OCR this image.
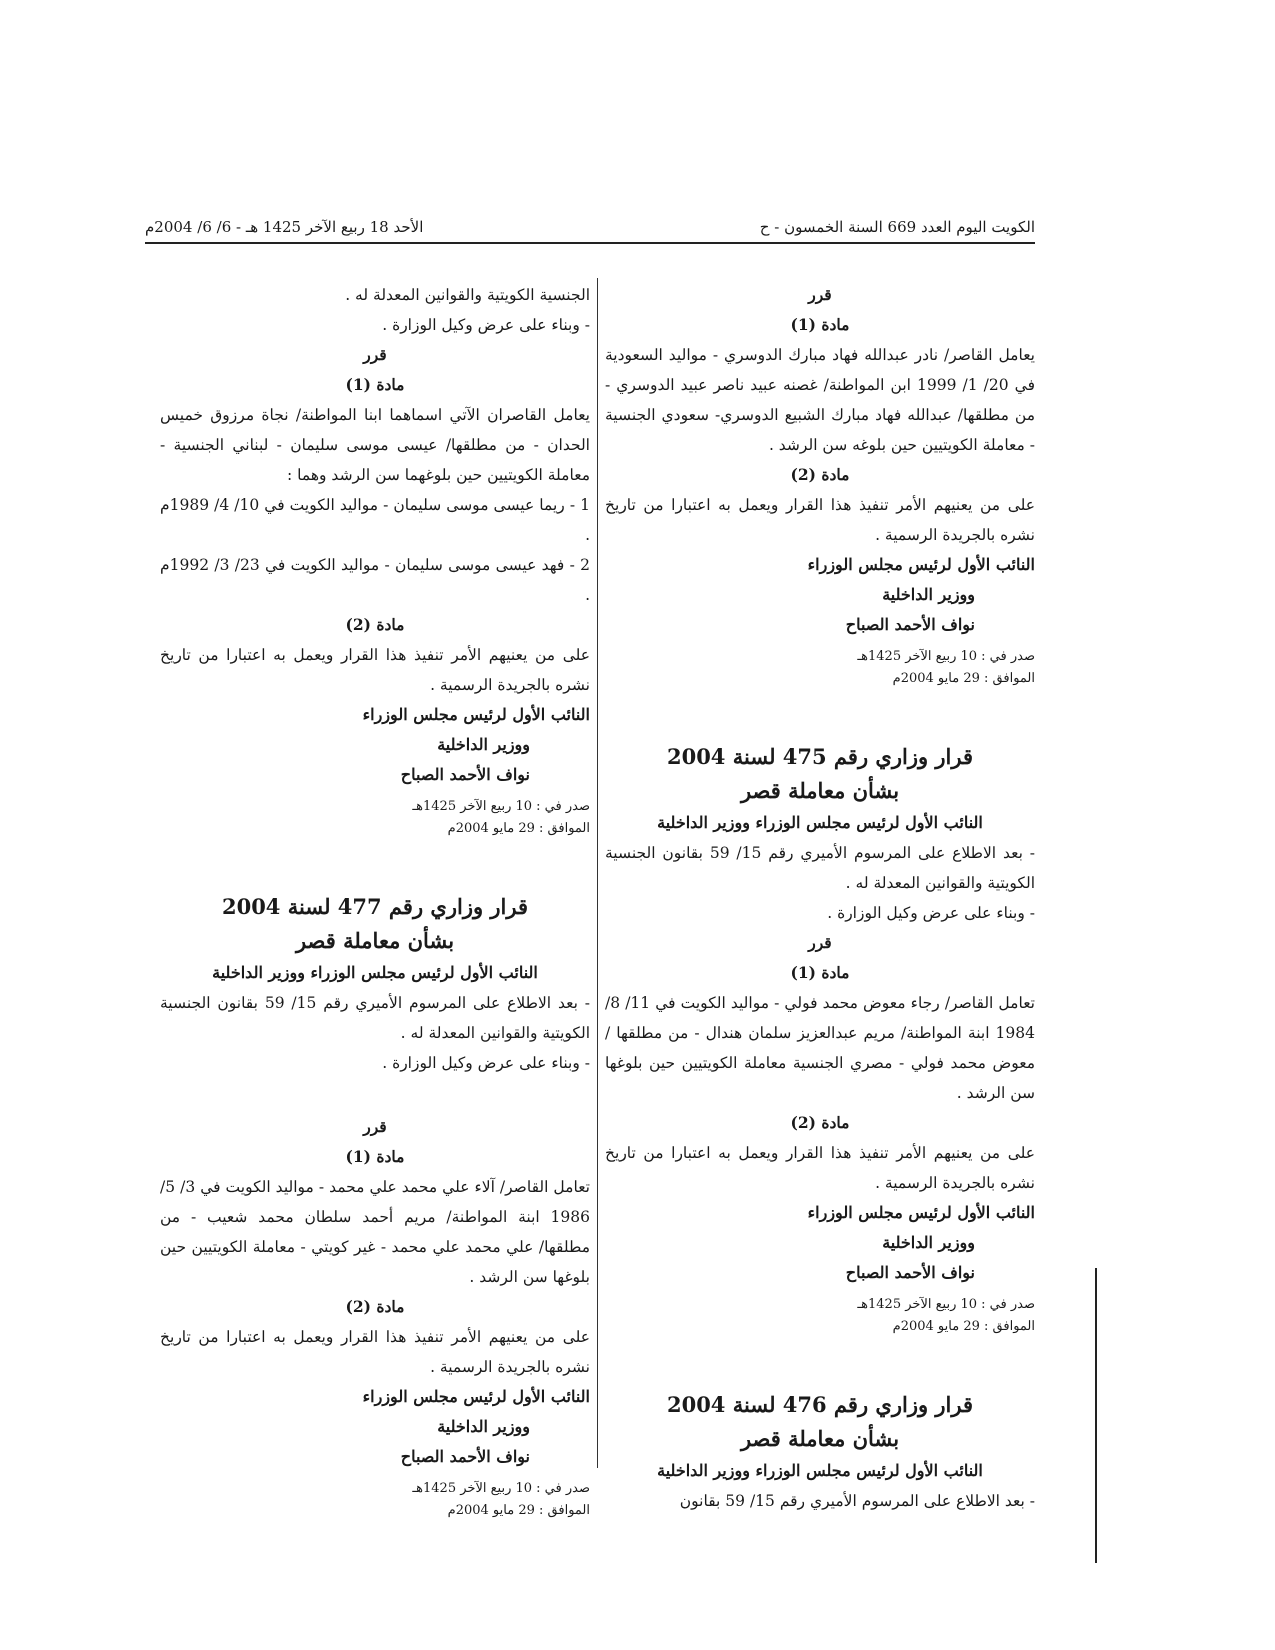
الكويت اليوم العدد 669 السنة الخمسون - ح
الأحد 18 ربيع الآخر 1425 هـ - 6/ 6/ 2004م
قرر
مادة (1)
يعامل القاصر/ نادر عبدالله فهاد مبارك الدوسري - مواليد السعودية في 20/ 1/ 1999 ابن المواطنة/ غصنه عبيد ناصر عبيد الدوسري - من مطلقها/ عبدالله فهاد مبارك الشبيع الدوسري- سعودي الجنسية - معاملة الكويتيين حين بلوغه سن الرشد .
مادة (2)
على من يعنيهم الأمر تنفيذ هذا القرار ويعمل به اعتبارا من تاريخ نشره بالجريدة الرسمية .
النائب الأول لرئيس مجلس الوزراء
ووزير الداخلية
نواف الأحمد الصباح
صدر في : 10 ربيع الآخر 1425هـ
الموافق : 29 مايو 2004م
قرار وزاري رقم 475 لسنة 2004
بشأن معاملة قصر
النائب الأول لرئيس مجلس الوزراء ووزير الداخلية
- بعد الاطلاع على المرسوم الأميري رقم 15/ 59 بقانون الجنسية الكويتية والقوانين المعدلة له .
- وبناء على عرض وكيل الوزارة .
قرر
مادة (1)
تعامل القاصر/ رجاء معوض محمد فولي - مواليد الكويت في 11/ 8/ 1984 ابنة المواطنة/ مريم عبدالعزيز سلمان هندال - من مطلقها / معوض محمد فولي - مصري الجنسية معاملة الكويتيين حين بلوغها سن الرشد .
مادة (2)
على من يعنيهم الأمر تنفيذ هذا القرار ويعمل به اعتبارا من تاريخ نشره بالجريدة الرسمية .
النائب الأول لرئيس مجلس الوزراء
ووزير الداخلية
نواف الأحمد الصباح
صدر في : 10 ربيع الآخر 1425هـ
الموافق : 29 مايو 2004م
قرار وزاري رقم 476 لسنة 2004
بشأن معاملة قصر
النائب الأول لرئيس مجلس الوزراء ووزير الداخلية
- بعد الاطلاع على المرسوم الأميري رقم 15/ 59 بقانون
الجنسية الكويتية والقوانين المعدلة له .
- وبناء على عرض وكيل الوزارة .
قرر
مادة (1)
يعامل القاصران الآتي اسماهما ابنا المواطنة/ نجاة مرزوق خميس الحدان - من مطلقها/ عيسى موسى سليمان - لبناني الجنسية - معاملة الكويتيين حين بلوغهما سن الرشد وهما :
1 - ريما عيسى موسى سليمان - مواليد الكويت في 10/ 4/ 1989م .
2 - فهد عيسى موسى سليمان - مواليد الكويت في 23/ 3/ 1992م .
مادة (2)
على من يعنيهم الأمر تنفيذ هذا القرار ويعمل به اعتبارا من تاريخ نشره بالجريدة الرسمية .
النائب الأول لرئيس مجلس الوزراء
ووزير الداخلية
نواف الأحمد الصباح
صدر في : 10 ربيع الآخر 1425هـ
الموافق : 29 مايو 2004م
قرار وزاري رقم 477 لسنة 2004
بشأن معاملة قصر
النائب الأول لرئيس مجلس الوزراء ووزير الداخلية
- بعد الاطلاع على المرسوم الأميري رقم 15/ 59 بقانون الجنسية الكويتية والقوانين المعدلة له .
- وبناء على عرض وكيل الوزارة .
قرر
مادة (1)
تعامل القاصر/ آلاء علي محمد علي محمد - مواليد الكويت في 3/ 5/ 1986 ابنة المواطنة/ مريم أحمد سلطان محمد شعيب - من مطلقها/ علي محمد علي محمد - غير كويتي - معاملة الكويتيين حين بلوغها سن الرشد .
مادة (2)
على من يعنيهم الأمر تنفيذ هذا القرار ويعمل به اعتبارا من تاريخ نشره بالجريدة الرسمية .
النائب الأول لرئيس مجلس الوزراء
ووزير الداخلية
نواف الأحمد الصباح
صدر في : 10 ربيع الآخر 1425هـ
الموافق : 29 مايو 2004م
